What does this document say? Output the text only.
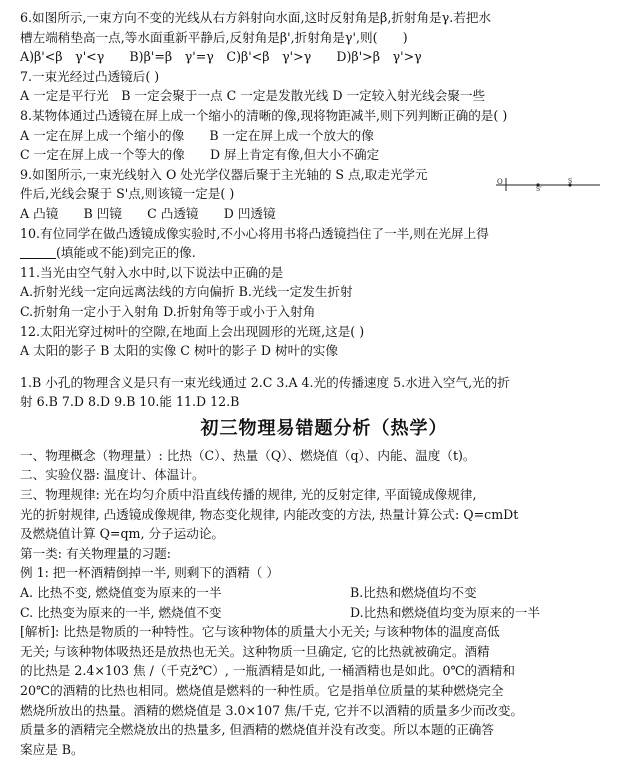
6.如图所示,一束方向不变的光线从右方斜射向水面,这时反射角是β,折射角是γ.若把水
槽左端稍垫高一点,等水面重新平静后,反射角是β',折射角是γ',则(　　)
A)β'<β　γ'<γ　　B)β'=β　γ'=γ　C)β'<β　γ'>γ　　D)β'>β　γ'>γ
7.一束光经过凸透镜后( )
A 一定是平行光　B 一定会聚于一点 C 一定是发散光线 D 一定较入射光线会聚一些
8.某物体通过凸透镜在屏上成一个缩小的清晰的像,现将物距减半,则下列判断正确的是( )
A 一定在屏上成一个缩小的像　　B 一定在屏上成一个放大的像
C 一定在屏上成一个等大的像　　D 屏上肯定有像,但大小不确定
9.如图所示,一束光线射入 O 处光学仪器后聚于主光轴的 S 点,取走光学元
件后,光线会聚于 S'点,则该镜一定是( )
A 凸镜　　B 凹镜　　C 凸透镜　　D 凹透镜
10.有位同学在做凸透镜成像实验时,不小心将用书将凸透镜挡住了一半,则在光屏上得
(填能或不能)到完正的像.
11.当光由空气射入水中时,以下说法中正确的是
A.折射光线一定向远离法线的方向偏折 B.光线一定发生折射
C.折射角一定小于入射角 D.折射角等于或小于入射角
12.太阳光穿过树叶的空隙,在地面上会出现圆形的光斑,这是( )
A 太阳的影子 B 太阳的实像 C 树叶的影子 D 树叶的实像
1.B 小孔的物理含义是只有一束光线通过 2.C 3.A 4.光的传播速度 5.水进入空气,光的折
射 6.B 7.D 8.D 9.B 10.能 11.D 12.B
初三物理易错题分析（热学）
一、物理概念（物理量）: 比热（C）、热量（Q）、燃烧值（q）、内能、温度（t)。
二、实验仪器: 温度计、体温计。
三、物理规律: 光在均匀介质中沿直线传播的规律, 光的反射定律, 平面镜成像规律,
光的折射规律, 凸透镜成像规律, 物态变化规律, 内能改变的方法, 热量计算公式: Q=cmDt
及燃烧值计算 Q=qm, 分子运动论。
第一类: 有关物理量的习题:
例 1: 把一杯酒精倒掉一半, 则剩下的酒精（ ）
A. 比热不变, 燃烧值变为原来的一半	B.比热和燃烧值均不变
C. 比热变为原来的一半, 燃烧值不变	D.比热和燃烧值均变为原来的一半
[解析]: 比热是物质的一种特性。它与该种物体的质量大小无关; 与该种物体的温度高低
无关; 与该种物体吸热还是放热也无关。这种物质一旦确定, 它的比热就被确定。酒精
的比热是 2.4×103 焦 /（千克ž℃）, 一瓶酒精是如此, 一桶酒精也是如此。0℃的酒精和
20℃的酒精的比热也相同。燃烧值是燃料的一种性质。它是指单位质量的某种燃烧完全
燃烧所放出的热量。酒精的燃烧值是 3.0×107 焦/千克, 它并不以酒精的质量多少而改变。
质量多的酒精完全燃烧放出的热量多, 但酒精的燃烧值并没有改变。所以本题的正确答
案应是 B。
O
S'
S
